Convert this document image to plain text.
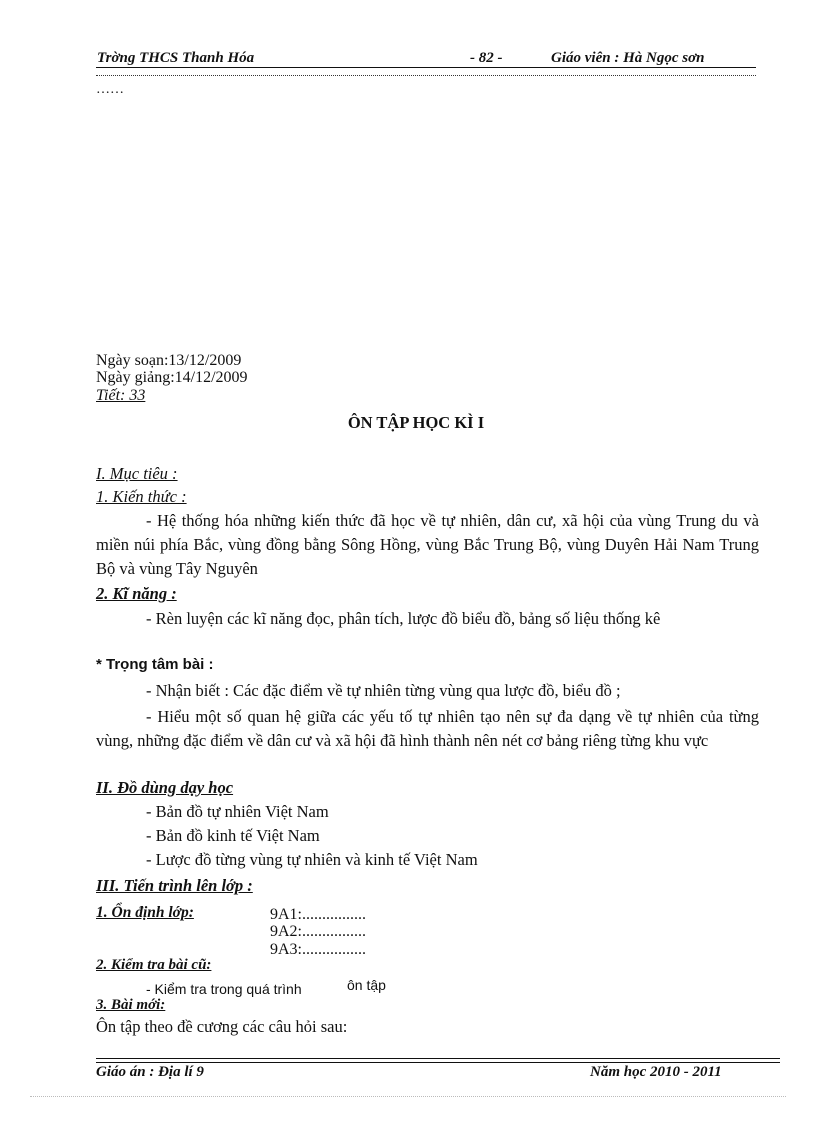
Trờng THCS Thanh Hóa	- 82 -	Giáo viên : Hà Ngọc sơn
……
Ngày soạn:13/12/2009
Ngày giảng:14/12/2009
Tiết: 33
ÔN TẬP HỌC KÌ I
I. Mục tiêu :
1. Kiến thức :
- Hệ thống hóa những kiến thức đã học về tự nhiên, dân cư, xã hội của vùng Trung du và miền núi phía Bắc, vùng đồng bằng Sông Hồng, vùng Bắc Trung Bộ, vùng Duyên Hải Nam Trung Bộ và vùng Tây Nguyên
2. Kĩ năng :
- Rèn luyện các kĩ năng đọc, phân tích, lược đồ biểu đồ, bảng số liệu thống kê
* Trọng tâm bài :
- Nhận biết : Các đặc điểm về tự nhiên từng vùng qua lược đồ, biểu đồ ;
- Hiểu một số quan hệ giữa các yếu tố tự nhiên tạo nên sự đa dạng về tự nhiên của từng vùng, những đặc điểm về dân cư và xã hội đã hình thành nên nét cơ bảng riêng từng khu vực
II. Đồ dùng dạy học
- Bản đồ tự nhiên Việt Nam
- Bản đồ kinh tế Việt Nam
- Lược đồ từng vùng tự nhiên và kinh tế Việt Nam
III. Tiến trình lên lớp :
1. Ổn định lớp:	9A1:................
9A2:................
9A3:................
2. Kiểm tra bài cũ:
- Kiểm tra trong quá trình	ôn tập
3. Bài mới:
Ôn tập theo đề cương các câu hỏi sau:
Giáo án : Địa lí 9	Năm học 2010 - 2011
